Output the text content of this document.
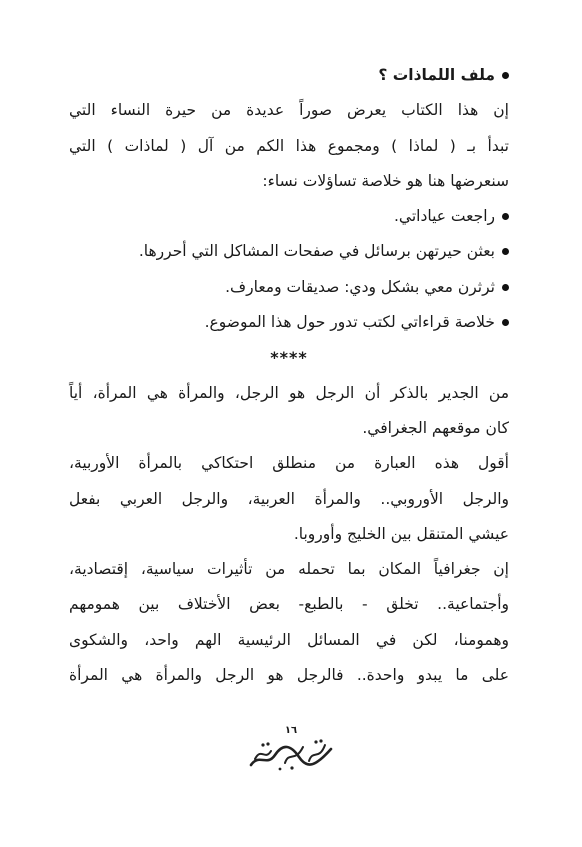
ملف اللماذات ؟
إن هذا الكتاب يعرض صوراً عديدة من حيرة النساء التي
تبدأ بـ ( لماذا ) ومجموع هذا الكم من آل ( لماذات ) التي
سنعرضها هنا هو خلاصة تساؤلات نساء:
راجعت عياداتي.
بعثن حيرتهن برسائل في صفحات المشاكل التي أحررها.
ثرثرن معي بشكل ودي: صديقات ومعارف.
خلاصة قراءاتي لكتب تدور حول هذا الموضوع.
****
من الجدير بالذكر أن الرجل هو الرجل، والمرأة هي المرأة، أياً
كان موقعهم الجغرافي.
أقول هذه العبارة من منطلق احتكاكي بالمرأة الأوربية،
والرجل الأوروبي.. والمرأة العربية، والرجل العربي بفعل
عيشي المتنقل بين الخليج وأوروبا.
إن جغرافياً المكان بما تحمله من تأثيرات سياسية، إقتصادية،
وأجتماعية.. تخلق - بالطبع- بعض الأختلاف بين همومهم
وهمومنا، لكن في المسائل الرئيسية الهم واحد، والشكوى
على ما يبدو واحدة.. فالرجل هو الرجل والمرأة هي المرأة
١٦
